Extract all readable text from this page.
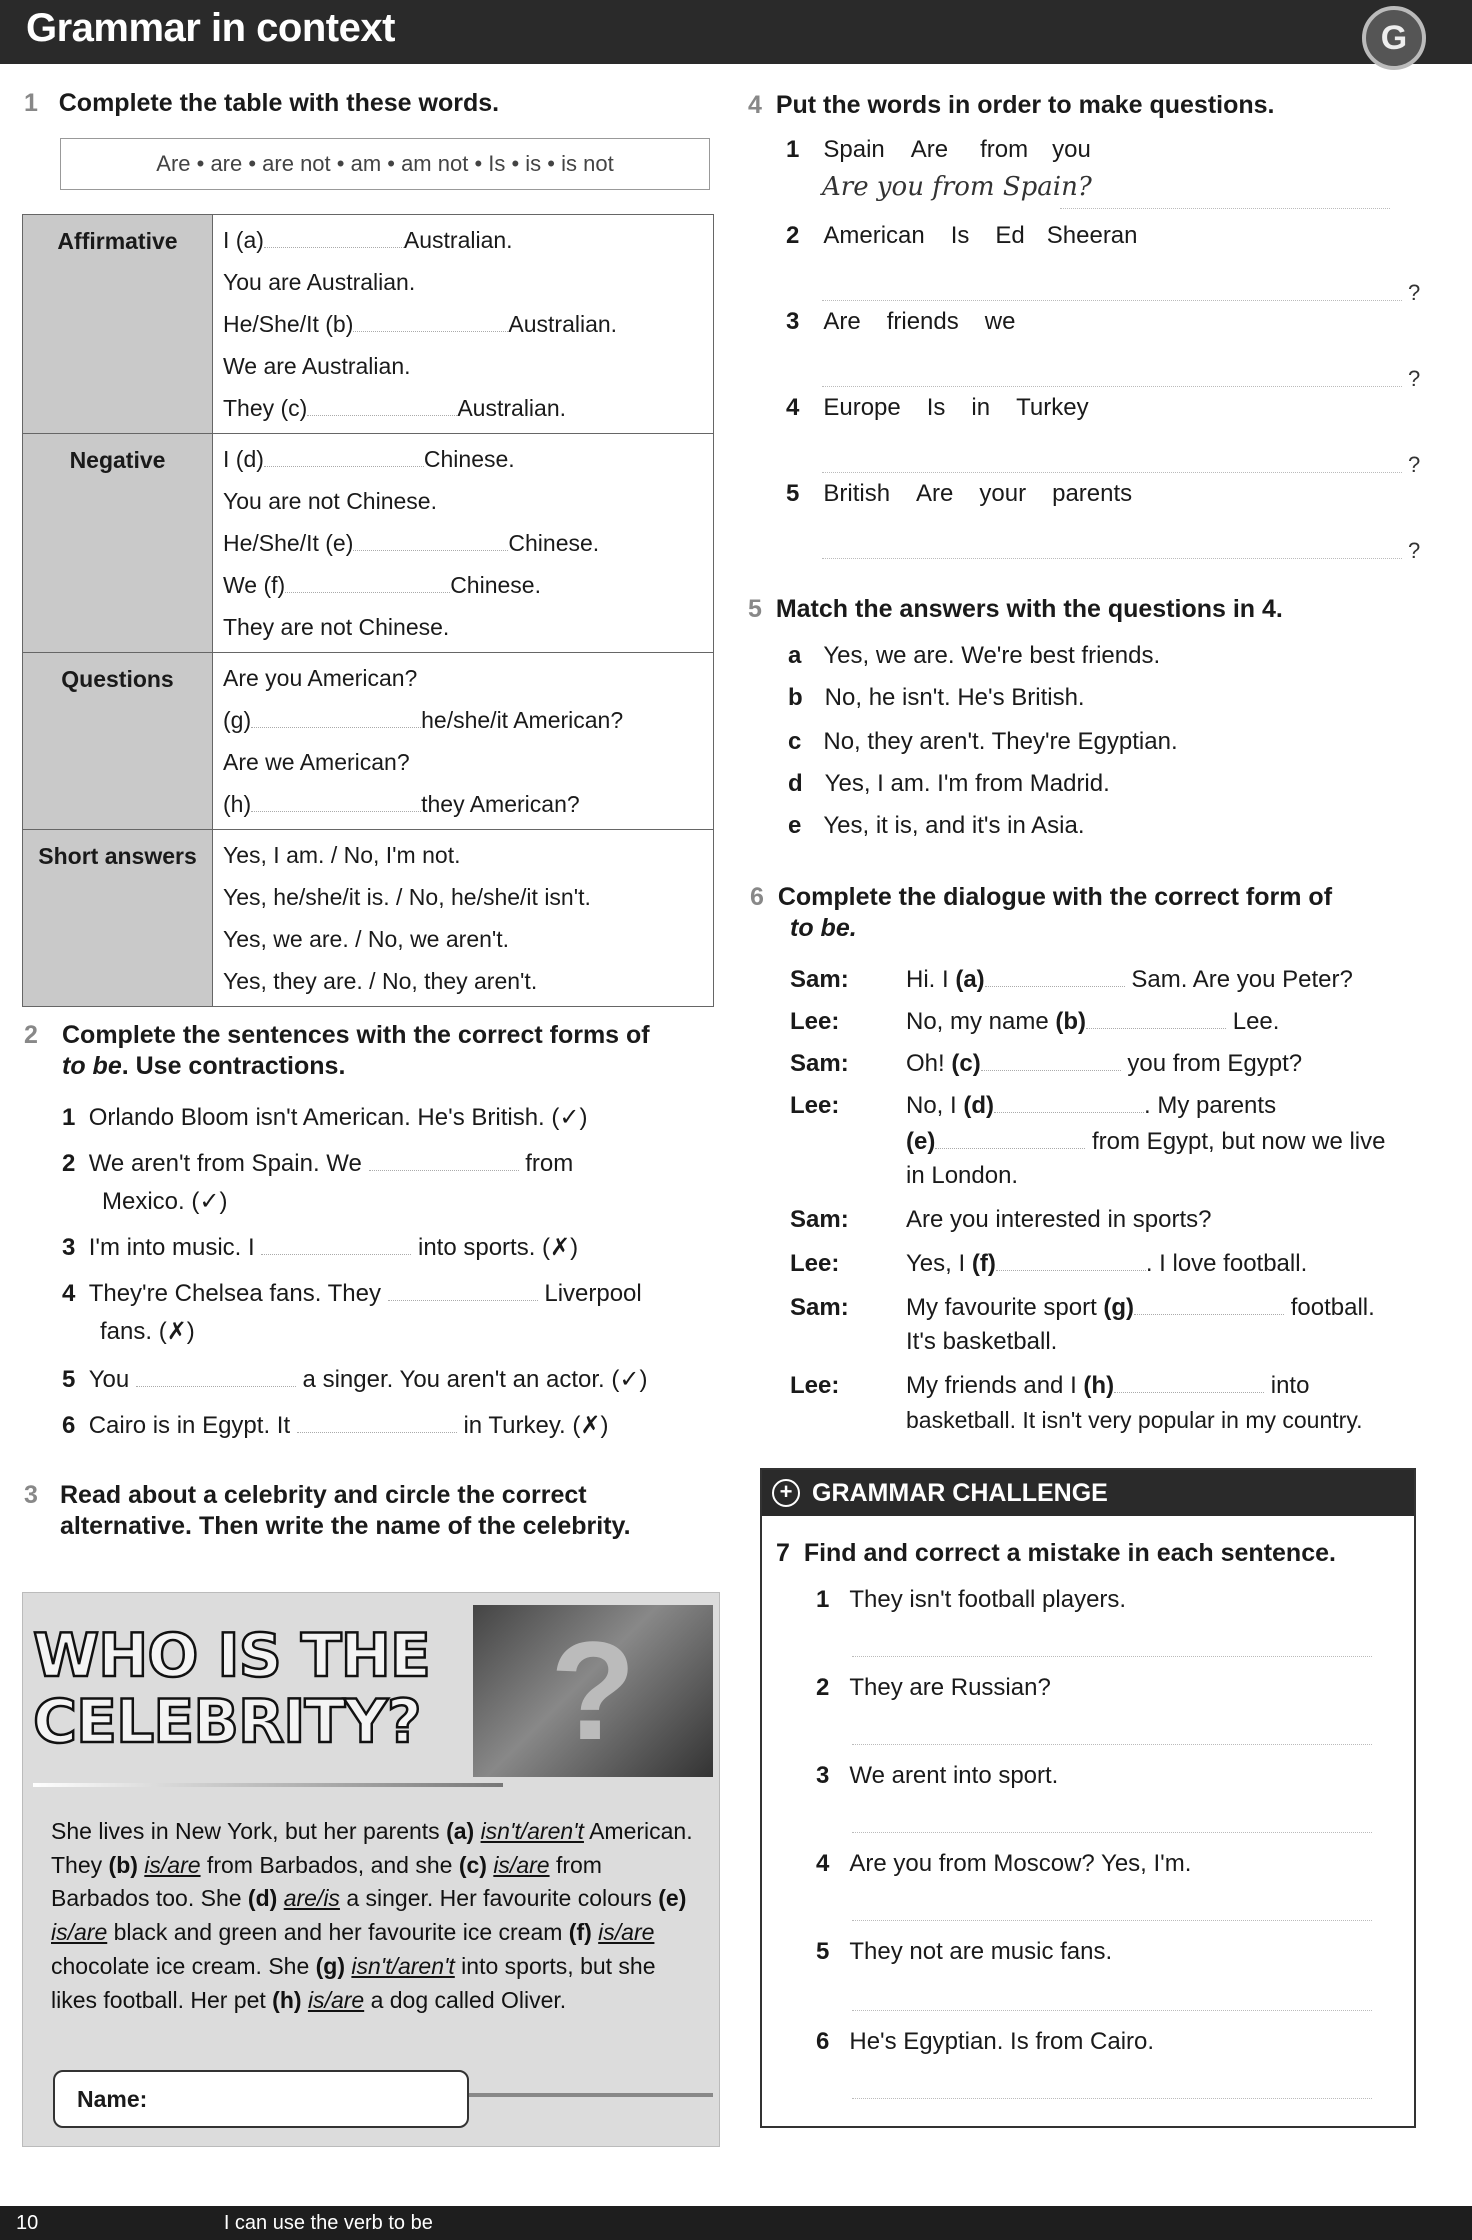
Grammar in context	G
1 Complete the table with these words.
Are • are • are not • am • am not • Is • is • is not
Affirmative	I (a) Australian.
You are Australian.
He/She/It (b) Australian.
We are Australian.
They (c) Australian.

Negative	I (d) Chinese.
You are not Chinese.
He/She/It (e) Chinese.
We (f) Chinese.
They are not Chinese.

Questions	Are you American?
(g) he/she/it American?
Are we American?
(h) they American?

Short answers	Yes, I am. / No, I'm not.
Yes, he/she/it is. / No, he/she/it isn't.
Yes, we are. / No, we aren't.
Yes, they are. / No, they aren't.
2 Complete the sentences with the correct forms of
to be. Use contractions.
1 Orlando Bloom isn't American. He's British. (✓)
2 We aren't from Spain. We	from
Mexico. (✓)
3 I'm into music. I	into sports. (✗)
4 They're Chelsea fans. They	Liverpool
fans. (✗)
5 You	a singer. You aren't an actor. (✓)
6 Cairo is in Egypt. It	in Turkey. (✗)
3 Read about a celebrity and circle the correct alternative. Then write the name of the celebrity.
WHO IS THE CELEBRITY? ?
She lives in New York, but her parents (a) isn't/aren't American. They (b) is/are from Barbados, and she (c) is/are from Barbados too. She (d) are/is a singer. Her favourite colours (e) is/are black and green and her favourite ice cream (f) is/are chocolate ice cream. She (g) isn't/aren't into sports, but she likes football. Her pet (h) is/are a dog called Oliver.
Name:
4 Put the words in order to make questions.
1 Spain Are from you
Are you from Spain?
2 American Is Ed Sheeran
?
3 Are friends we
?
4 Europe Is in Turkey
?
5 British Are your parents
?
5 Match the answers with the questions in 4.
a Yes, we are. We're best friends.
b No, he isn't. He's British.
c No, they aren't. They're Egyptian.
d Yes, I am. I'm from Madrid.
e Yes, it is, and it's in Asia.
6 Complete the dialogue with the correct form of
to be.
Sam: Hi. I (a)	Sam. Are you Peter?
Lee:	No, my name (b)	Lee.
Sam: Oh! (c)	you from Egypt?
Lee:	No, I (d)	. My parents
(e)	from Egypt, but now we live
in London.
Sam: Are you interested in sports?
Lee:	Yes, I (f)	. I love football.
Sam: My favourite sport (g)	football.
It's basketball.
Lee:	My friends and I (h)	into
basketball. It isn't very popular in my country.
GRAMMAR CHALLENGE
+
7 Find and correct a mistake in each sentence.
1 They isn't football players.
2 They are Russian?
3 We arent into sport.
4 Are you from Moscow? Yes, I'm.
5 They not are music fans.
6 He's Egyptian. Is from Cairo.
10	I can use the verb to be
